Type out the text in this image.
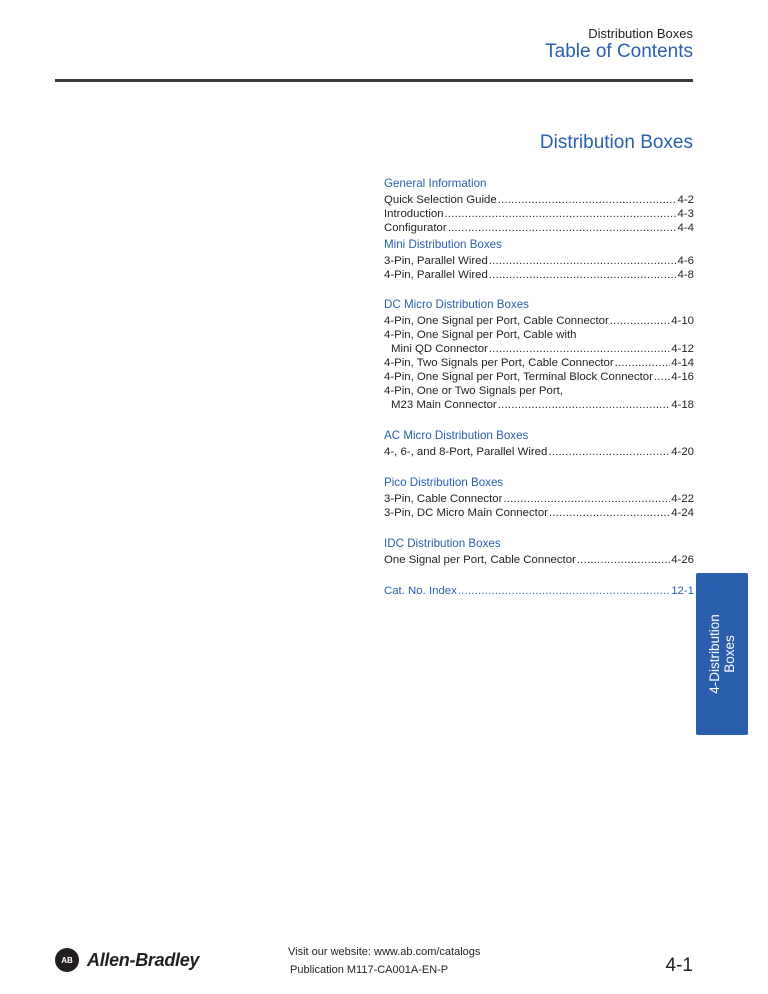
Distribution Boxes
Table of Contents
Distribution Boxes
General Information
Quick Selection Guide .....	4-2
Introduction .....	4-3
Configurator .....	4-4
Mini Distribution Boxes
3-Pin, Parallel Wired .....	4-6
4-Pin, Parallel Wired .....	4-8
DC Micro Distribution Boxes
4-Pin, One Signal per Port, Cable Connector .....	4-10
4-Pin, One Signal per Port, Cable with
Mini QD Connector .....	4-12
4-Pin, Two Signals per Port, Cable Connector .....	4-14
4-Pin, One Signal per Port, Terminal Block Connector ..... 4-16
4-Pin, One or Two Signals per Port,
M23 Main Connector .....	4-18
AC Micro Distribution Boxes
4-, 6-, and 8-Port, Parallel Wired .....	4-20
Pico Distribution Boxes
3-Pin, Cable Connector .....	4-22
3-Pin, DC Micro Main Connector .....	4-24
IDC Distribution Boxes
One Signal per Port, Cable Connector .....	4-26
Cat. No. Index .....	12-1
4-Distribution Boxes
AB Allen-Bradley	Visit our website: www.ab.com/catalogs
Publication M117-CA001A-EN-P	4-1
